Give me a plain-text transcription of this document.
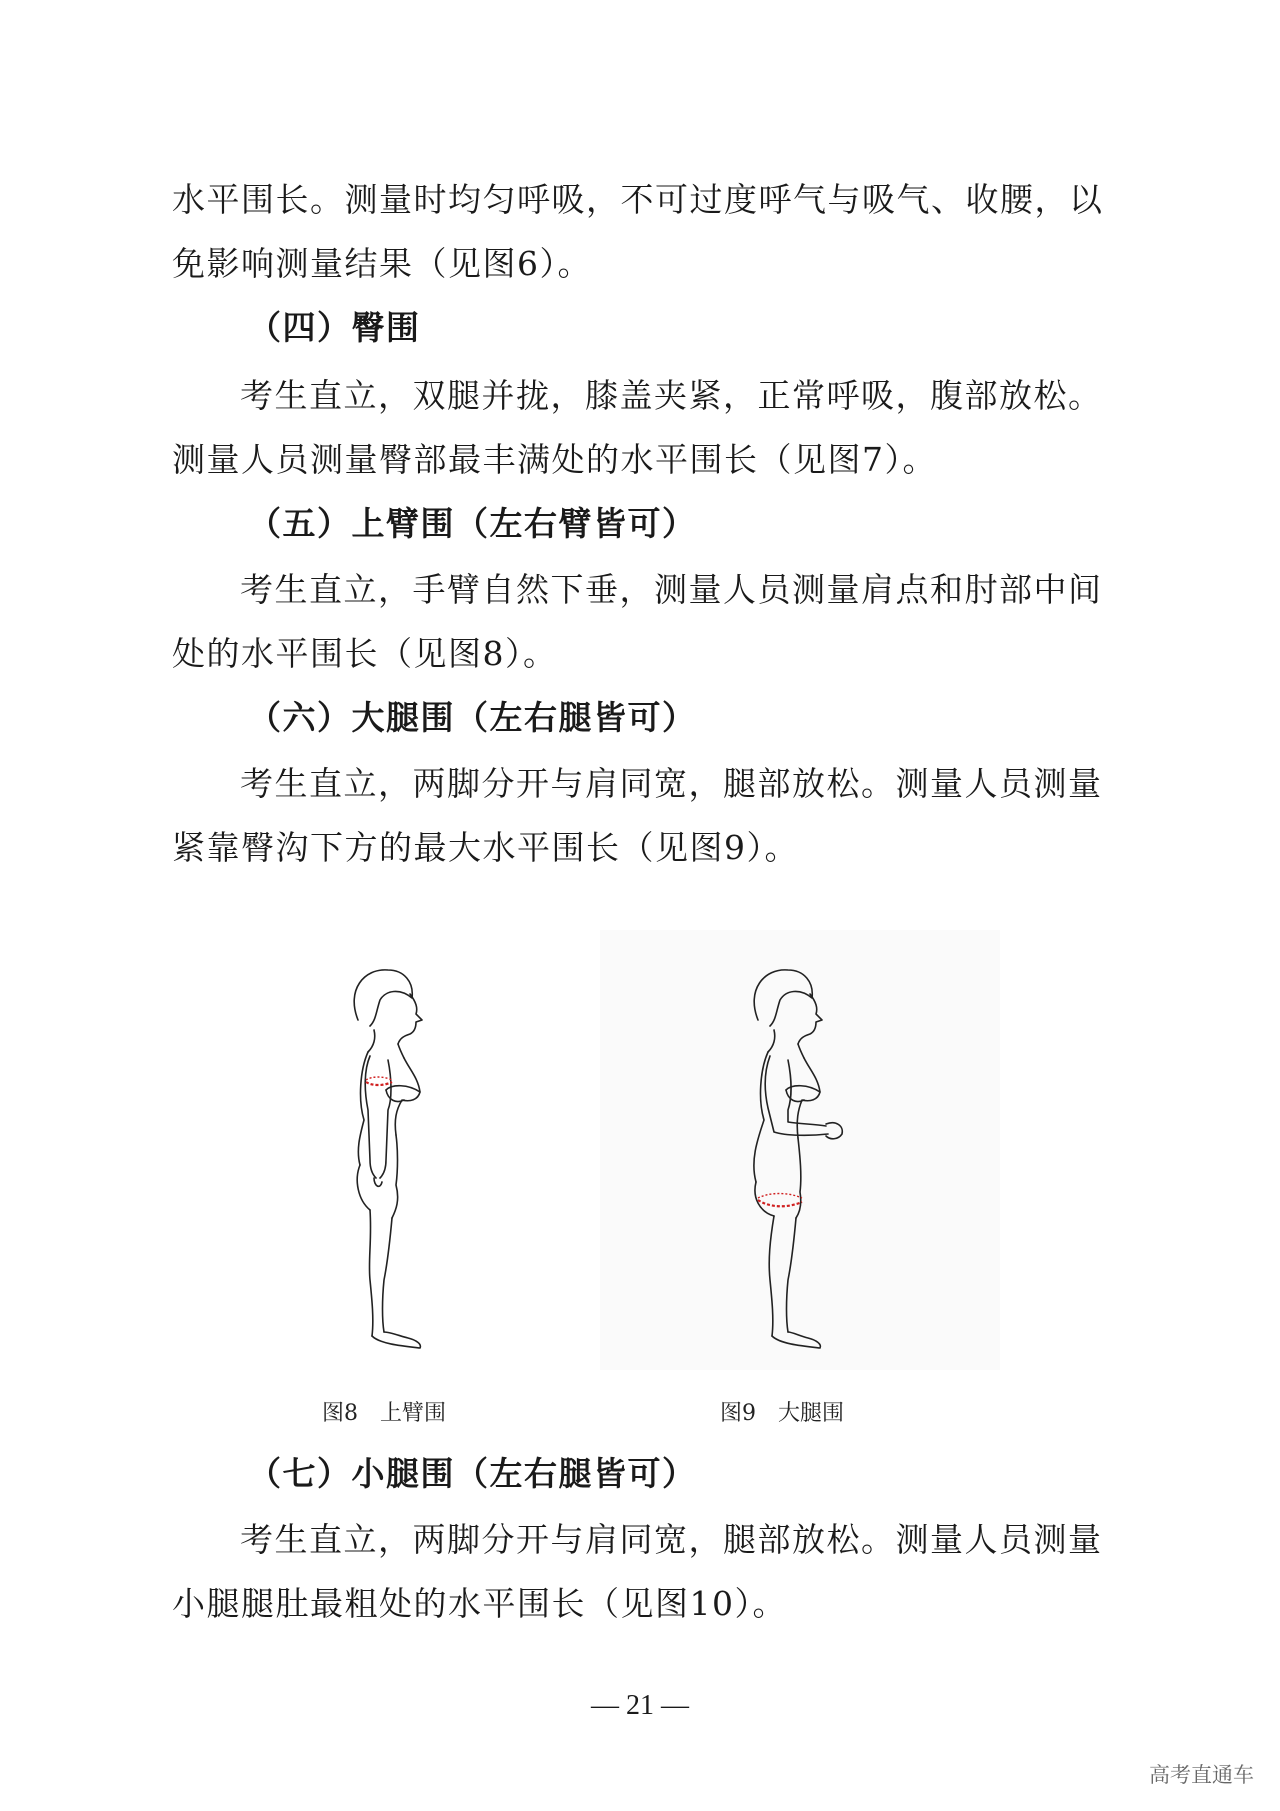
水平围长。测量时均匀呼吸，不可过度呼气与吸气、收腰，以
免影响测量结果（见图6）。
（四）臀围
考生直立，双腿并拢，膝盖夹紧，正常呼吸，腹部放松。
测量人员测量臀部最丰满处的水平围长（见图7）。
（五）上臂围（左右臂皆可）
考生直立，手臂自然下垂，测量人员测量肩点和肘部中间
处的水平围长（见图8）。
（六）大腿围（左右腿皆可）
考生直立，两脚分开与肩同宽，腿部放松。测量人员测量
紧靠臀沟下方的最大水平围长（见图9）。
图8　上臂围	图9　大腿围
（七）小腿围（左右腿皆可）
考生直立，两脚分开与肩同宽，腿部放松。测量人员测量
小腿腿肚最粗处的水平围长（见图10）。
— 21 —
高考直通车
